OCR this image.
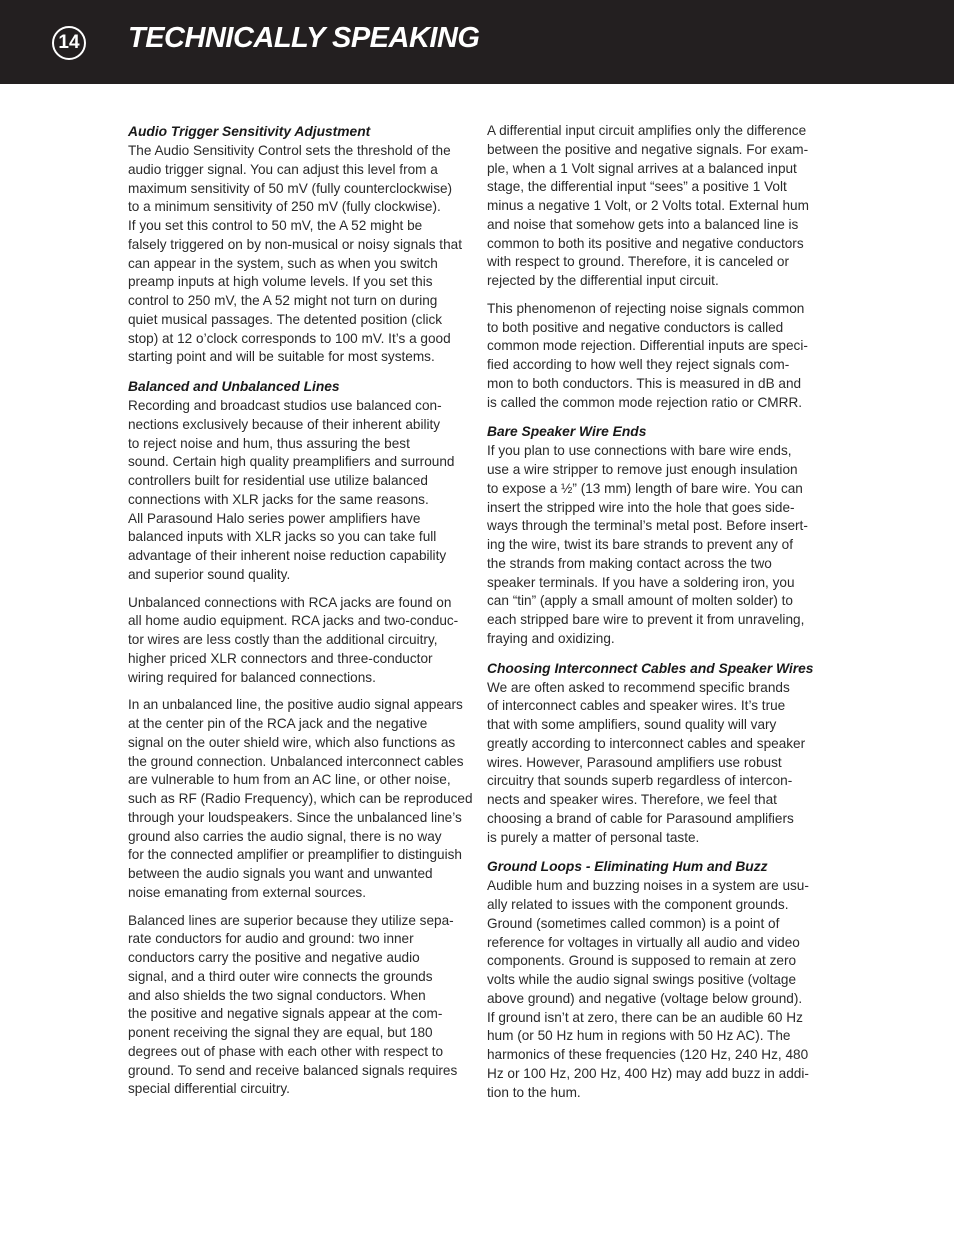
14 TECHNICALLY SPEAKING
Audio Trigger Sensitivity Adjustment

The Audio Sensitivity Control sets the threshold of the
audio trigger signal. You can adjust this level from a
maximum sensitivity of 50 mV (fully counterclockwise)
to a minimum sensitivity of 250 mV (fully clockwise).
If you set this control to 50 mV, the A 52 might be
falsely triggered on by non-musical or noisy signals that
can appear in the system, such as when you switch
preamp inputs at high volume levels. If you set this
control to 250 mV, the A 52 might not turn on during
quiet musical passages. The detented position (click
stop) at 12 o’clock corresponds to 100 mV. It’s a good
starting point and will be suitable for most systems.

Balanced and Unbalanced Lines

Recording and broadcast studios use balanced con-
nections exclusively because of their inherent ability
to reject noise and hum, thus assuring the best
sound. Certain high quality preamplifiers and surround
controllers built for residential use utilize balanced
connections with XLR jacks for the same reasons.
All Parasound Halo series power amplifiers have
balanced inputs with XLR jacks so you can take full
advantage of their inherent noise reduction capability
and superior sound quality.

Unbalanced connections with RCA jacks are found on
all home audio equipment. RCA jacks and two-conduc-
tor wires are less costly than the additional circuitry,
higher priced XLR connectors and three-conductor
wiring required for balanced connections.

In an unbalanced line, the positive audio signal appears
at the center pin of the RCA jack and the negative
signal on the outer shield wire, which also functions as
the ground connection. Unbalanced interconnect cables
are vulnerable to hum from an AC line, or other noise,
such as RF (Radio Frequency), which can be reproduced
through your loudspeakers. Since the unbalanced line’s
ground also carries the audio signal, there is no way
for the connected amplifier or preamplifier to distinguish
between the audio signals you want and unwanted
noise emanating from external sources.

Balanced lines are superior because they utilize sepa-
rate conductors for audio and ground: two inner
conductors carry the positive and negative audio
signal, and a third outer wire connects the grounds
and also shields the two signal conductors. When
the positive and negative signals appear at the com-
ponent receiving the signal they are equal, but 180
degrees out of phase with each other with respect to
ground. To send and receive balanced signals requires
special differential circuitry.

A differential input circuit amplifies only the difference
between the positive and negative signals. For exam-
ple, when a 1 Volt signal arrives at a balanced input
stage, the differential input “sees” a positive 1 Volt
minus a negative 1 Volt, or 2 Volts total. External hum
and noise that somehow gets into a balanced line is
common to both its positive and negative conductors
with respect to ground. Therefore, it is canceled or
rejected by the differential input circuit.

This phenomenon of rejecting noise signals common
to both positive and negative conductors is called
common mode rejection. Differential inputs are speci-
fied according to how well they reject signals com-
mon to both conductors. This is measured in dB and
is called the common mode rejection ratio or CMRR.

Bare Speaker Wire Ends

If you plan to use connections with bare wire ends,
use a wire stripper to remove just enough insulation
to expose a ½” (13 mm) length of bare wire. You can
insert the stripped wire into the hole that goes side-
ways through the terminal’s metal post. Before insert-
ing the wire, twist its bare strands to prevent any of
the strands from making contact across the two
speaker terminals. If you have a soldering iron, you
can “tin” (apply a small amount of molten solder) to
each stripped bare wire to prevent it from unraveling,
fraying and oxidizing.

Choosing Interconnect Cables and Speaker Wires

We are often asked to recommend specific brands
of interconnect cables and speaker wires. It’s true
that with some amplifiers, sound quality will vary
greatly according to interconnect cables and speaker
wires. However, Parasound amplifiers use robust
circuitry that sounds superb regardless of intercon-
nects and speaker wires. Therefore, we feel that
choosing a brand of cable for Parasound amplifiers
is purely a matter of personal taste.

Ground Loops - Eliminating Hum and Buzz

Audible hum and buzzing noises in a system are usu-
ally related to issues with the component grounds.
Ground (sometimes called common) is a point of
reference for voltages in virtually all audio and video
components. Ground is supposed to remain at zero
volts while the audio signal swings positive (voltage
above ground) and negative (voltage below ground).
If ground isn’t at zero, there can be an audible 60 Hz
hum (or 50 Hz hum in regions with 50 Hz AC). The
harmonics of these frequencies (120 Hz, 240 Hz, 480
Hz or 100 Hz, 200 Hz, 400 Hz) may add buzz in addi-
tion to the hum.
